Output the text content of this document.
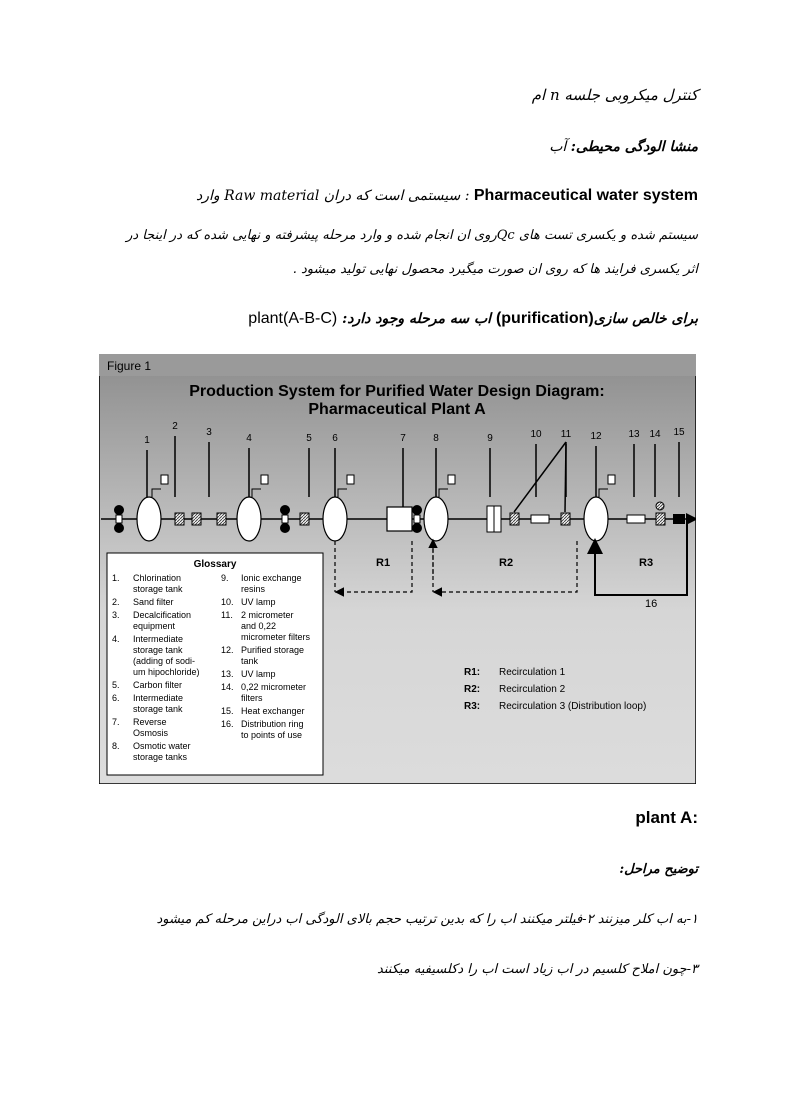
کنترل میکروبی جلسه n ام
منشا الودگی محیطی: آب
Pharmaceutical water system : سیستمی است که دران Raw material وارد
سیستم شده و یکسری تست های Qcروی ان انجام شده و وارد مرحله پیشرفته و نهایی شده که در اینجا در
اثر یکسری فرایند ها که روی ان صورت میگیرد محصول نهایی تولید میشود .
برای خالص سازی(purification) اب سه مرحله وجود دارد: plant(A-B-C)
Figure 1
Production System for Purified Water Design Diagram:
Pharmaceutical Plant A
1
2
3
4	5 6	7	8	9	10 11 12	13 14 15
R1	R2	R3
16
Glossary
1. Chlorination
storage tank
2. Sand filter
3. Decalcification
equipment
4. Intermediate
storage tank
(adding of sodi-
um hipochloride)
5. Carbon filter
6. Intermediate
storage tank
7. Reverse
Osmosis
8. Osmotic water
storage tanks
9. Ionic exchange
resins
10. UV lamp
11. 2 micrometer
and 0,22
micrometer filters
12. Purified storage
tank
13. UV lamp
14. 0,22 micrometer
filters
15. Heat exchanger
16. Distribution ring
to points of use
R1: Recirculation 1
R2: Recirculation 2
R3: Recirculation 3 (Distribution loop)
:plant A
توضیح مراحل:
۱-به اب کلر میزنند ۲-فیلتر میکنند اب را که بدین ترتیب حجم بالای الودگی اب دراین مرحله کم میشود
۳-چون املاح کلسیم در اب زیاد است اب را دکلسیفیه میکنند
